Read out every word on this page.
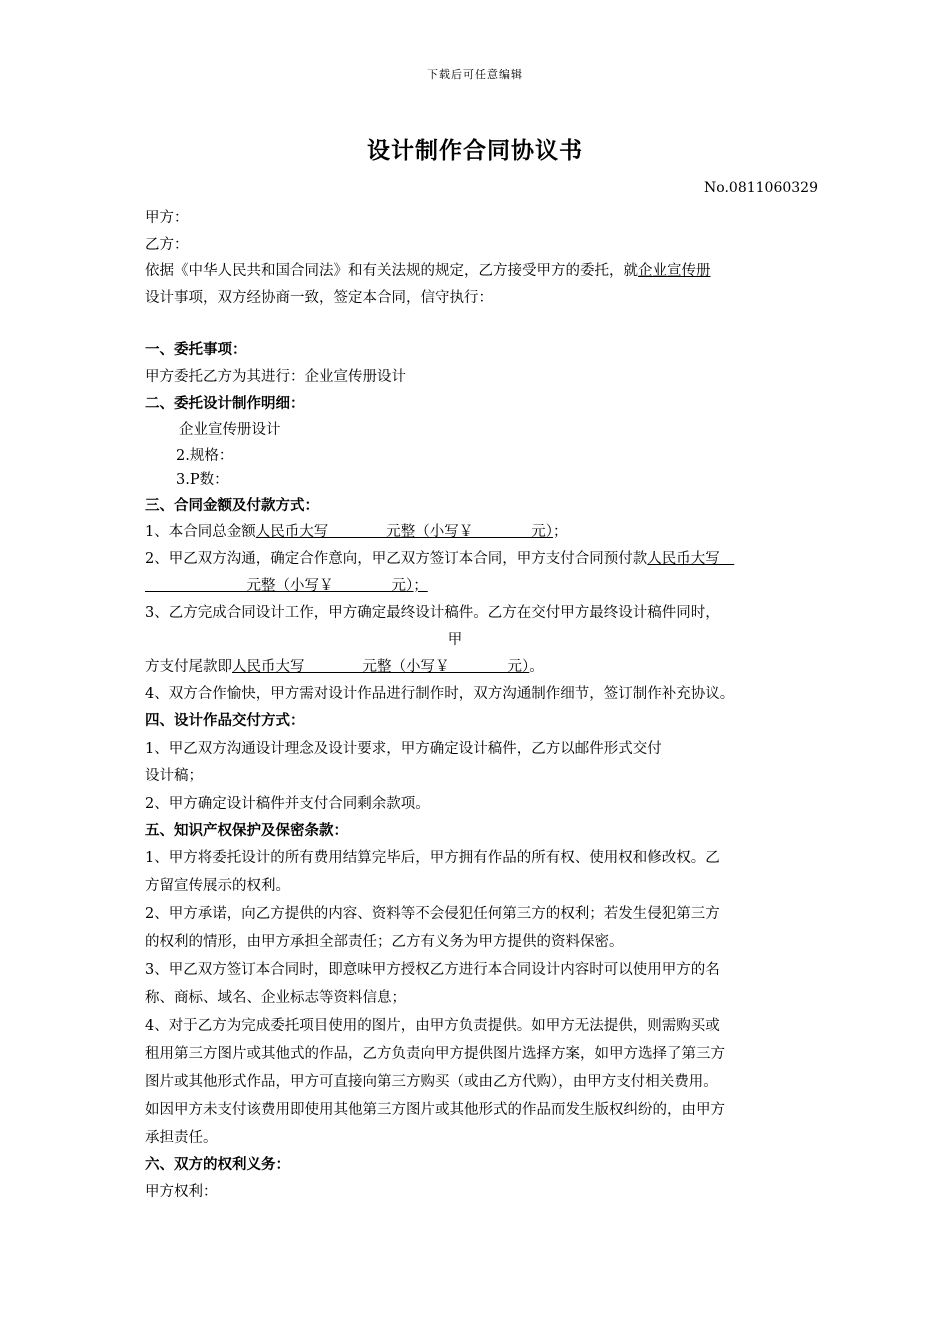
下载后可任意编辑
设计制作合同协议书
No.0811060329
甲方：
乙方：
依据《中华人民共和国合同法》和有关法规的规定，乙方接受甲方的委托，就企业宣传册
设计事项，双方经协商一致，签定本合同，信守执行：
一、委托事项：
甲方委托乙方为其进行：企业宣传册设计
二、委托设计制作明细：
企业宣传册设计
2.规格：
3.P数：
三、合同金额及付款方式：
1、本合同总金额人民币大写　　　　元整（小写￥　　　　元）；
2、甲乙双方沟通，确定合作意向，甲乙双方签订本合同，甲方支付合同预付款人民币大写　
　　　　　　　元整（小写￥　　　　元）；
3、乙方完成合同设计工作，甲方确定最终设计稿件。乙方在交付甲方最终设计稿件同时，
甲
方支付尾款即人民币大写　　　　元整（小写￥　　　　元）。
4、双方合作愉快，甲方需对设计作品进行制作时，双方沟通制作细节，签订制作补充协议。
四、设计作品交付方式：
1、甲乙双方沟通设计理念及设计要求，甲方确定设计稿件，乙方以邮件形式交付
设计稿；
2、甲方确定设计稿件并支付合同剩余款项。
五、知识产权保护及保密条款：
1、甲方将委托设计的所有费用结算完毕后，甲方拥有作品的所有权、使用权和修改权。乙
方留宣传展示的权利。
2、甲方承诺，向乙方提供的内容、资料等不会侵犯任何第三方的权利；若发生侵犯第三方
的权利的情形，由甲方承担全部责任；乙方有义务为甲方提供的资料保密。
3、甲乙双方签订本合同时，即意味甲方授权乙方进行本合同设计内容时可以使用甲方的名
称、商标、域名、企业标志等资料信息；
4、对于乙方为完成委托项目使用的图片，由甲方负责提供。如甲方无法提供，则需购买或
租用第三方图片或其他式的作品，乙方负责向甲方提供图片选择方案，如甲方选择了第三方
图片或其他形式作品，甲方可直接向第三方购买（或由乙方代购），由甲方支付相关费用。
如因甲方未支付该费用即使用其他第三方图片或其他形式的作品而发生版权纠纷的，由甲方
承担责任。
六、双方的权利义务：
甲方权利：
